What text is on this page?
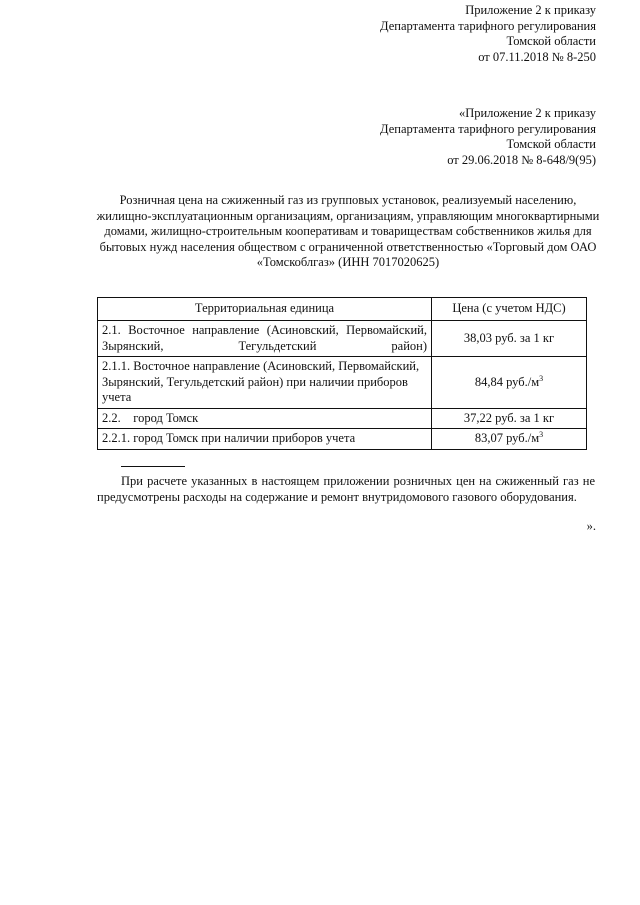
Приложение 2 к приказу
Департамента тарифного регулирования
Томской области
от 07.11.2018 № 8-250
«Приложение 2 к приказу
Департамента тарифного регулирования
Томской области
от 29.06.2018 № 8-648/9(95)
Розничная цена на сжиженный газ из групповых установок, реализуемый населению, жилищно-эксплуатационным организациям, организациям, управляющим многоквартирными домами, жилищно-строительным кооперативам и товариществам собственников жилья для бытовых нужд населения обществом с ограниченной ответственностью «Торговый дом ОАО «Томскоблгаз» (ИНН 7017020625)
Территориальная единица	Цена (с учетом НДС)
2.1. Восточное направление (Асиновский, Первомайский, Зырянский, Тегульдетский район)	38,03 руб. за 1 кг
2.1.1. Восточное направление (Асиновский, Первомайский, Зырянский, Тегульдетский район) при наличии приборов учета	84,84 $руб./м^3$
2.2.    город Томск	37,22 руб. за 1 кг
2.2.1. город Томск при наличии приборов учета	83,07 $руб./м^3$
При расчете указанных в настоящем приложении розничных цен на сжиженный газ не предусмотрены расходы на содержание и ремонт внутридомового газового оборудования.
».
